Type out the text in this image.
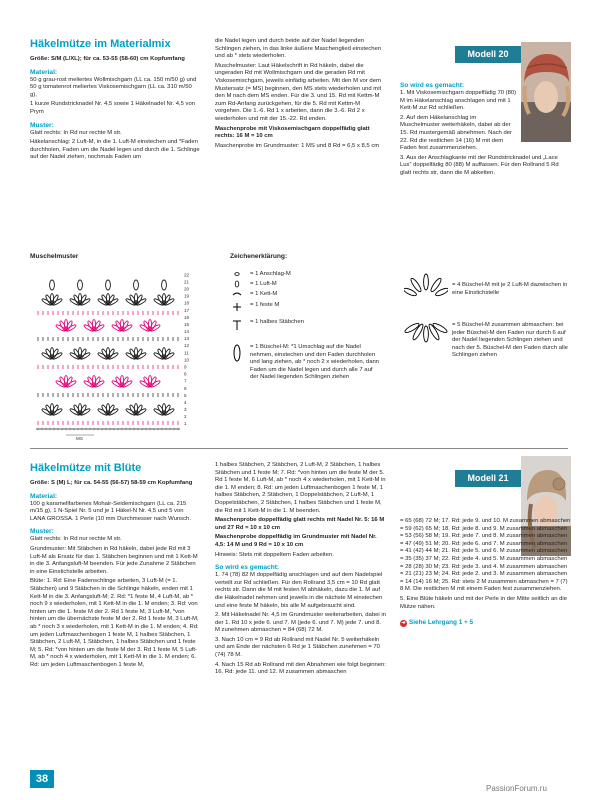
Häkelmütze im Materialmix

Größe: S/M (L/XL); für ca. 53-55 (58-60) cm Kopfumfang

Material:

50 g grau-rost meliertes Wollmischgarn (LL ca. 150 m/50 g) und 50 g tomatenrot meliertes Viskosemischgarn (LL ca. 310 m/50 g),

1 kurze Rundstricknadel Nr. 4,5 sowie 1 Häkelnadel Nr. 4,5 von Prym

Muster:

Glatt rechts: In Rd nur rechte M str.

Häkelanschlag: 2 Luft-M, in die 1. Luft-M einstechen und *Faden durchholen, Faden um die Nadel legen und durch die 1. Schlinge auf der Nadel ziehen, nochmals Faden um

die Nadel legen und durch beide auf der Nadel liegenden Schlingen ziehen, in das linke äußere Maschenglied einstechen und ab * stets wiederholen.

Muschelmuster: Laut Häkelschrift in Rd häkeln, dabei die ungeraden Rd mit Wollmischgarn und die geraden Rd mit Viskosemischgarn, jeweils einfädig arbeiten. Mit den M vor dem Mustersatz (= MS) beginnen, den MS stets wiederholen und mit den M nach dem MS enden. Für die 3. und 15. Rd mit Kettm-M zum Rd-Anfang zurückgehen, für die 5. Rd mit Kettm-M vorgehen. Die 1.-6. Rd 1 x arbeiten, dann die 3.-6. Rd 2 x wiederholen und mit der 15.-22. Rd enden.

Maschenprobe mit Viskosemischgarn doppelfädig glatt rechts: 16 M = 10 cm

Maschenprobe im Grundmuster: 1 MS und 8 Rd = 6,5 x 8,5 cm

Modell 20
So wird es gemacht:

1. Mit Viskosemischgarn doppelfädig 70 (80) M im Häkelanschlag anschlagen und mit 1 Kett-M zur Rd schließen.

2. Auf dem Häkelanschlag im Muschelmuster weiterhäkeln, dabei ab der 15. Rd mustergemäß abnehmen. Nach der 22. Rd die restlichen 14 (16) M mit dem Faden fest zusammenziehen.

3. Aus der Anschlagkante mit der Rundstricknadel und „Lace Lux“ doppelfädig 80 (88) M auffassen. Für den Rollrand 5 Rd glatt rechts str, dann die M abketten.

Muschelmuster
22
21
20
19
18
17
16
15
14
13
12
11
10
9
8
7
6
5
4
3
2
1
MS
Zeichenerklärung:
= 1 Anschlag-M
= 1 Luft-M
= 1 Kett-M
= 1 feste M
= 1 halbes Stäbchen
= 1 Büschel-M: *1 Umschlag auf die Nadel nehmen, einstechen und den Faden durchholen und lang ziehen, ab * noch 2 x wiederholen, dann Faden um die Nadel legen und durch alle 7 auf der Nadel liegenden Schlingen ziehen
= 4 Büschel-M mit je 2 Luft-M dazwischen in eine Einstichstelle
= 5 Büschel-M zusammen abmaschen: bei jeder Büschel-M den Faden nur durch 6 auf der Nadel liegenden Schlingen ziehen und nach der 5. Büschel-M den Faden durch alle Schlingen ziehen
Häkelmütze mit Blüte

Größe: S (M) L; für ca. 54-55 (56-57) 58-59 cm Kopfumfang

Material:

100 g karamellfarbenes Mohair-Seidemischgarn (LL ca. 215 m/15 g), 1 N-Spiel Nr. 5 und je 1 Häkel-N Nr. 4,5 und 5 von LANA GROSSA. 1 Perle (10 mm Durchmesser nach Wunsch.

Muster:

Glatt rechts: In Rd nur rechte M str.

Grundmuster: Mit Stäbchen in Rd häkeln, dabei jede Rd mit 3 Luft-M als Ersatz für das 1. Stäbchen beginnen und mit 1 Kett-M in die 3. Anfangsluft-M beenden. Für jede Zunahme 2 Stäbchen in eine Einstichstelle arbeiten.

Blüte: 1. Rd: Eine Fadenschlinge arbeiten, 3 Luft-M (= 1. Stäbchen) und 9 Stäbchen in die Schlinge häkeln, enden mit 1 Kett-M in die 3. Anfangsluft-M; 2. Rd: *1 feste M, 4 Luft-M, ab * noch 9 x wiederholen, mit 1 Kett-M in die 1. M enden; 3. Rd: von hinten um die 1. feste M der 2. Rd 1 feste M, 3 Luft-M, *von hinten um die übernächste feste M der 2. Rd 1 feste M, 3 Luft-M, ab * noch 3 x wiederholen, mit 1 Kett-M in die 1. M enden; 4. Rd: um jeden Luftmaschenbogen 1 feste M, 1 halbes Stäbchen, 1 Stäbchen, 2 Luft-M, 1 Stäbchen, 1 halbes Stäbchen und 1 feste M; 5. Rd: *von hinten um die feste M der 3. Rd 1 feste M, 5 Luft-M, ab * noch 4 x wiederholen, mit 1 Kett-M in die 1. M enden; 6. Rd: um jeden Luftmaschenbogen 1 feste M,

1 halbes Stäbchen, 2 Stäbchen, 2 Luft-M, 2 Stäbchen, 1 halbes Stäbchen und 1 feste M; 7. Rd: *von hinten um die feste M der 5. Rd 1 feste M, 6 Luft-M, ab * noch 4 x wiederholen, mit 1 Kett-M in die 1. M enden; 8. Rd: um jeden Luftmaschenbogen 1 feste M, 1 halbes Stäbchen, 2 Stäbchen, 1 Doppelstäbchen, 2 Luft-M, 1 Doppelstäbchen, 2 Stäbchen, 1 halbes Stäbchen und 1 feste M, die Rd mit 1 Kett-M in die 1. M beenden.

Maschenprobe doppelfädig glatt rechts mit Nadel Nr. 5: 16 M und 27 Rd = 10 x 10 cm

Maschenprobe doppelfädig im Grundmuster mit Nadel Nr. 4,5: 14 M und 9 Rd = 10 x 10 cm

Hinweis: Stets mit doppeltem Faden arbeiten.

So wird es gemacht:

1. 74 (78) 82 M doppelfädig anschlagen und auf dem Nadelspiel verteilt zur Rd schließen. Für den Rollrand 3,5 cm = 10 Rd glatt rechts str. Dann die M mit festen M abhäkeln, dazu die 1. M auf die Häkelnadel nehmen und jeweils in die nächste M einstechen und eine feste M häkeln, bis alle M aufgebraucht sind.

2. Mit Häkelnadel Nr. 4,5 im Grundmuster weiterarbeiten, dabei in der 1. Rd 10 x jede 6. und 7. M (jede 6. und 7. M) jede 7. und 8. M zunehmen abmaschen = 84 (68) 72 M.

3. Nach 10 cm = 9 Rd ab Rollrand mit Nadel Nr. 5 weiterhäkeln und am Ende der nächsten 6 Rd je 1 Stäbchen zunehmen = 70 (74) 78 M.

4. Nach 15 Rd ab Rollrand mit den Abnahmen wie folgt beginnen: 16. Rd: jede 11. und 12. M zusammen abmaschen

Modell 21

= 65 (68) 72 M; 17. Rd: jede 9. und 10. M zusammen abmaschen = 59 (62) 65 M; 18. Rd: jede 8. und 9. M zusammen abmaschen = 53 (56) 58 M; 19. Rd: jede 7. und 8. M zusammen abmaschen = 47 (49) 51 M; 20. Rd: jede 6. und 7. M zusammen abmaschen = 41 (42) 44 M; 21. Rd: jede 5. und 6. M zusammen abmaschen = 35 (35) 37 M; 22. Rd: jede 4. und 5. M zusammen abmaschen = 28 (28) 30 M; 23. Rd: jede 3. und 4. M zusammen abmaschen = 21 (21) 23 M; 24. Rd: jede 2. und 3. M zusammen abmaschen = 14 (14) 16 M; 25. Rd: stets 2 M zusammen abmaschen = 7 (7) 8 M. Die restlichen M mit einem Faden fest zusammenziehen.

5. Eine Blüte häkeln und mit der Perle in der Mitte seitlich an die Mütze nähen.

➔ Siehe Lehrgang 1 + 5
38
PassionForum.ru
